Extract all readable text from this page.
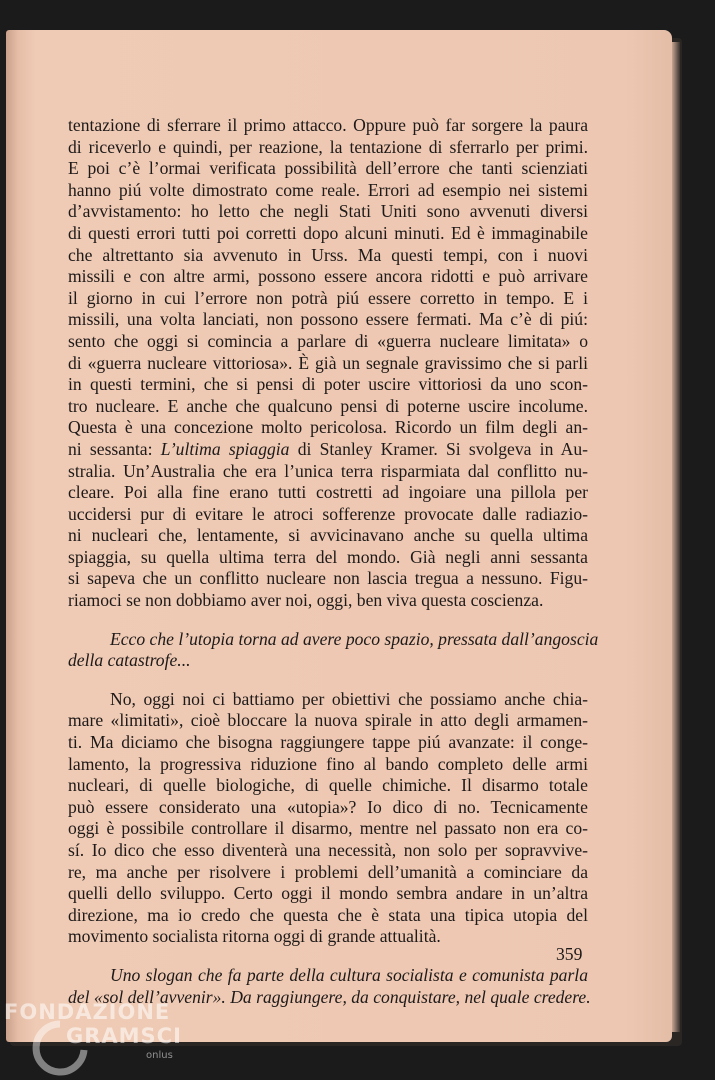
tentazione di sferrare il primo attacco. Oppure può far sorgere la paura
di riceverlo e quindi, per reazione, la tentazione di sferrarlo per primi.
E poi c’è l’ormai verificata possibilità dell’errore che tanti scienziati
hanno piú volte dimostrato come reale. Errori ad esempio nei sistemi
d’avvistamento: ho letto che negli Stati Uniti sono avvenuti diversi
di questi errori tutti poi corretti dopo alcuni minuti. Ed è immaginabile
che altrettanto sia avvenuto in Urss. Ma questi tempi, con i nuovi
missili e con altre armi, possono essere ancora ridotti e può arrivare
il giorno in cui l’errore non potrà piú essere corretto in tempo. E i
missili, una volta lanciati, non possono essere fermati. Ma c’è di piú:
sento che oggi si comincia a parlare di «guerra nucleare limitata» o
di «guerra nucleare vittoriosa». È già un segnale gravissimo che si parli
in questi termini, che si pensi di poter uscire vittoriosi da uno scon-
tro nucleare. E anche che qualcuno pensi di poterne uscire incolume.
Questa è una concezione molto pericolosa. Ricordo un film degli an-
ni sessanta: L’ultima spiaggia di Stanley Kramer. Si svolgeva in Au-
stralia. Un’Australia che era l’unica terra risparmiata dal conflitto nu-
cleare. Poi alla fine erano tutti costretti ad ingoiare una pillola per
uccidersi pur di evitare le atroci sofferenze provocate dalle radiazio-
ni nucleari che, lentamente, si avvicinavano anche su quella ultima
spiaggia, su quella ultima terra del mondo. Già negli anni sessanta
si sapeva che un conflitto nucleare non lascia tregua a nessuno. Figu-
riamoci se non dobbiamo aver noi, oggi, ben viva questa coscienza.
Ecco che l’utopia torna ad avere poco spazio, pressata dall’angoscia
della catastrofe...
No, oggi noi ci battiamo per obiettivi che possiamo anche chia-
mare «limitati», cioè bloccare la nuova spirale in atto degli armamen-
ti. Ma diciamo che bisogna raggiungere tappe piú avanzate: il conge-
lamento, la progressiva riduzione fino al bando completo delle armi
nucleari, di quelle biologiche, di quelle chimiche. Il disarmo totale
può essere considerato una «utopia»? Io dico di no. Tecnicamente
oggi è possibile controllare il disarmo, mentre nel passato non era co-
sí. Io dico che esso diventerà una necessità, non solo per sopravvive-
re, ma anche per risolvere i problemi dell’umanità a cominciare da
quelli dello sviluppo. Certo oggi il mondo sembra andare in un’altra
direzione, ma io credo che questa che è stata una tipica utopia del
movimento socialista ritorna oggi di grande attualità.
Uno slogan che fa parte della cultura socialista e comunista parla
del «sol dell’avvenir». Da raggiungere, da conquistare, nel quale credere.
359
FONDAZIONE
GRAMSCI
onlus
